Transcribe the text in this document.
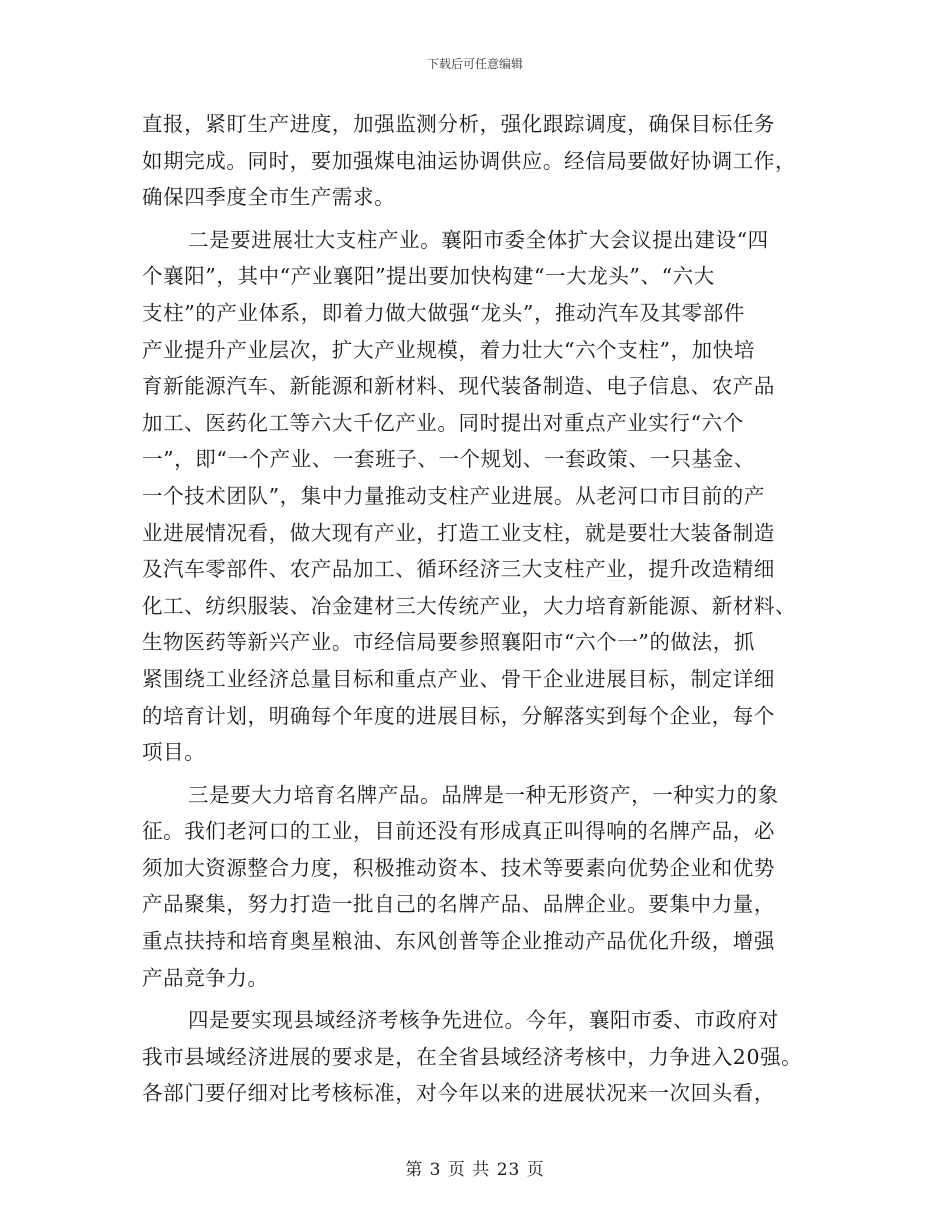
下载后可任意编辑
直报，紧盯生产进度，加强监测分析，强化跟踪调度，确保目标任务
如期完成。同时，要加强煤电油运协调供应。经信局要做好协调工作，
确保四季度全市生产需求。
二是要进展壮大支柱产业。襄阳市委全体扩大会议提出建设“四
个襄阳”，其中“产业襄阳”提出要加快构建“一大龙头”、“六大
支柱”的产业体系，即着力做大做强“龙头”，推动汽车及其零部件
产业提升产业层次，扩大产业规模，着力壮大“六个支柱”，加快培
育新能源汽车、新能源和新材料、现代装备制造、电子信息、农产品
加工、医药化工等六大千亿产业。同时提出对重点产业实行“六个
一”，即“一个产业、一套班子、一个规划、一套政策、一只基金、
一个技术团队”，集中力量推动支柱产业进展。从老河口市目前的产
业进展情况看，做大现有产业，打造工业支柱，就是要壮大装备制造
及汽车零部件、农产品加工、循环经济三大支柱产业，提升改造精细
化工、纺织服装、冶金建材三大传统产业，大力培育新能源、新材料、
生物医药等新兴产业。市经信局要参照襄阳市“六个一”的做法，抓
紧围绕工业经济总量目标和重点产业、骨干企业进展目标，制定详细
的培育计划，明确每个年度的进展目标，分解落实到每个企业，每个
项目。
三是要大力培育名牌产品。品牌是一种无形资产，一种实力的象
征。我们老河口的工业，目前还没有形成真正叫得响的名牌产品，必
须加大资源整合力度，积极推动资本、技术等要素向优势企业和优势
产品聚集，努力打造一批自己的名牌产品、品牌企业。要集中力量，
重点扶持和培育奥星粮油、东风创普等企业推动产品优化升级，增强
产品竞争力。
四是要实现县域经济考核争先进位。今年，襄阳市委、市政府对
我市县域经济进展的要求是，在全省县域经济考核中，力争进入20强。
各部门要仔细对比考核标准，对今年以来的进展状况来一次回头看，
第 3 页 共 23 页
